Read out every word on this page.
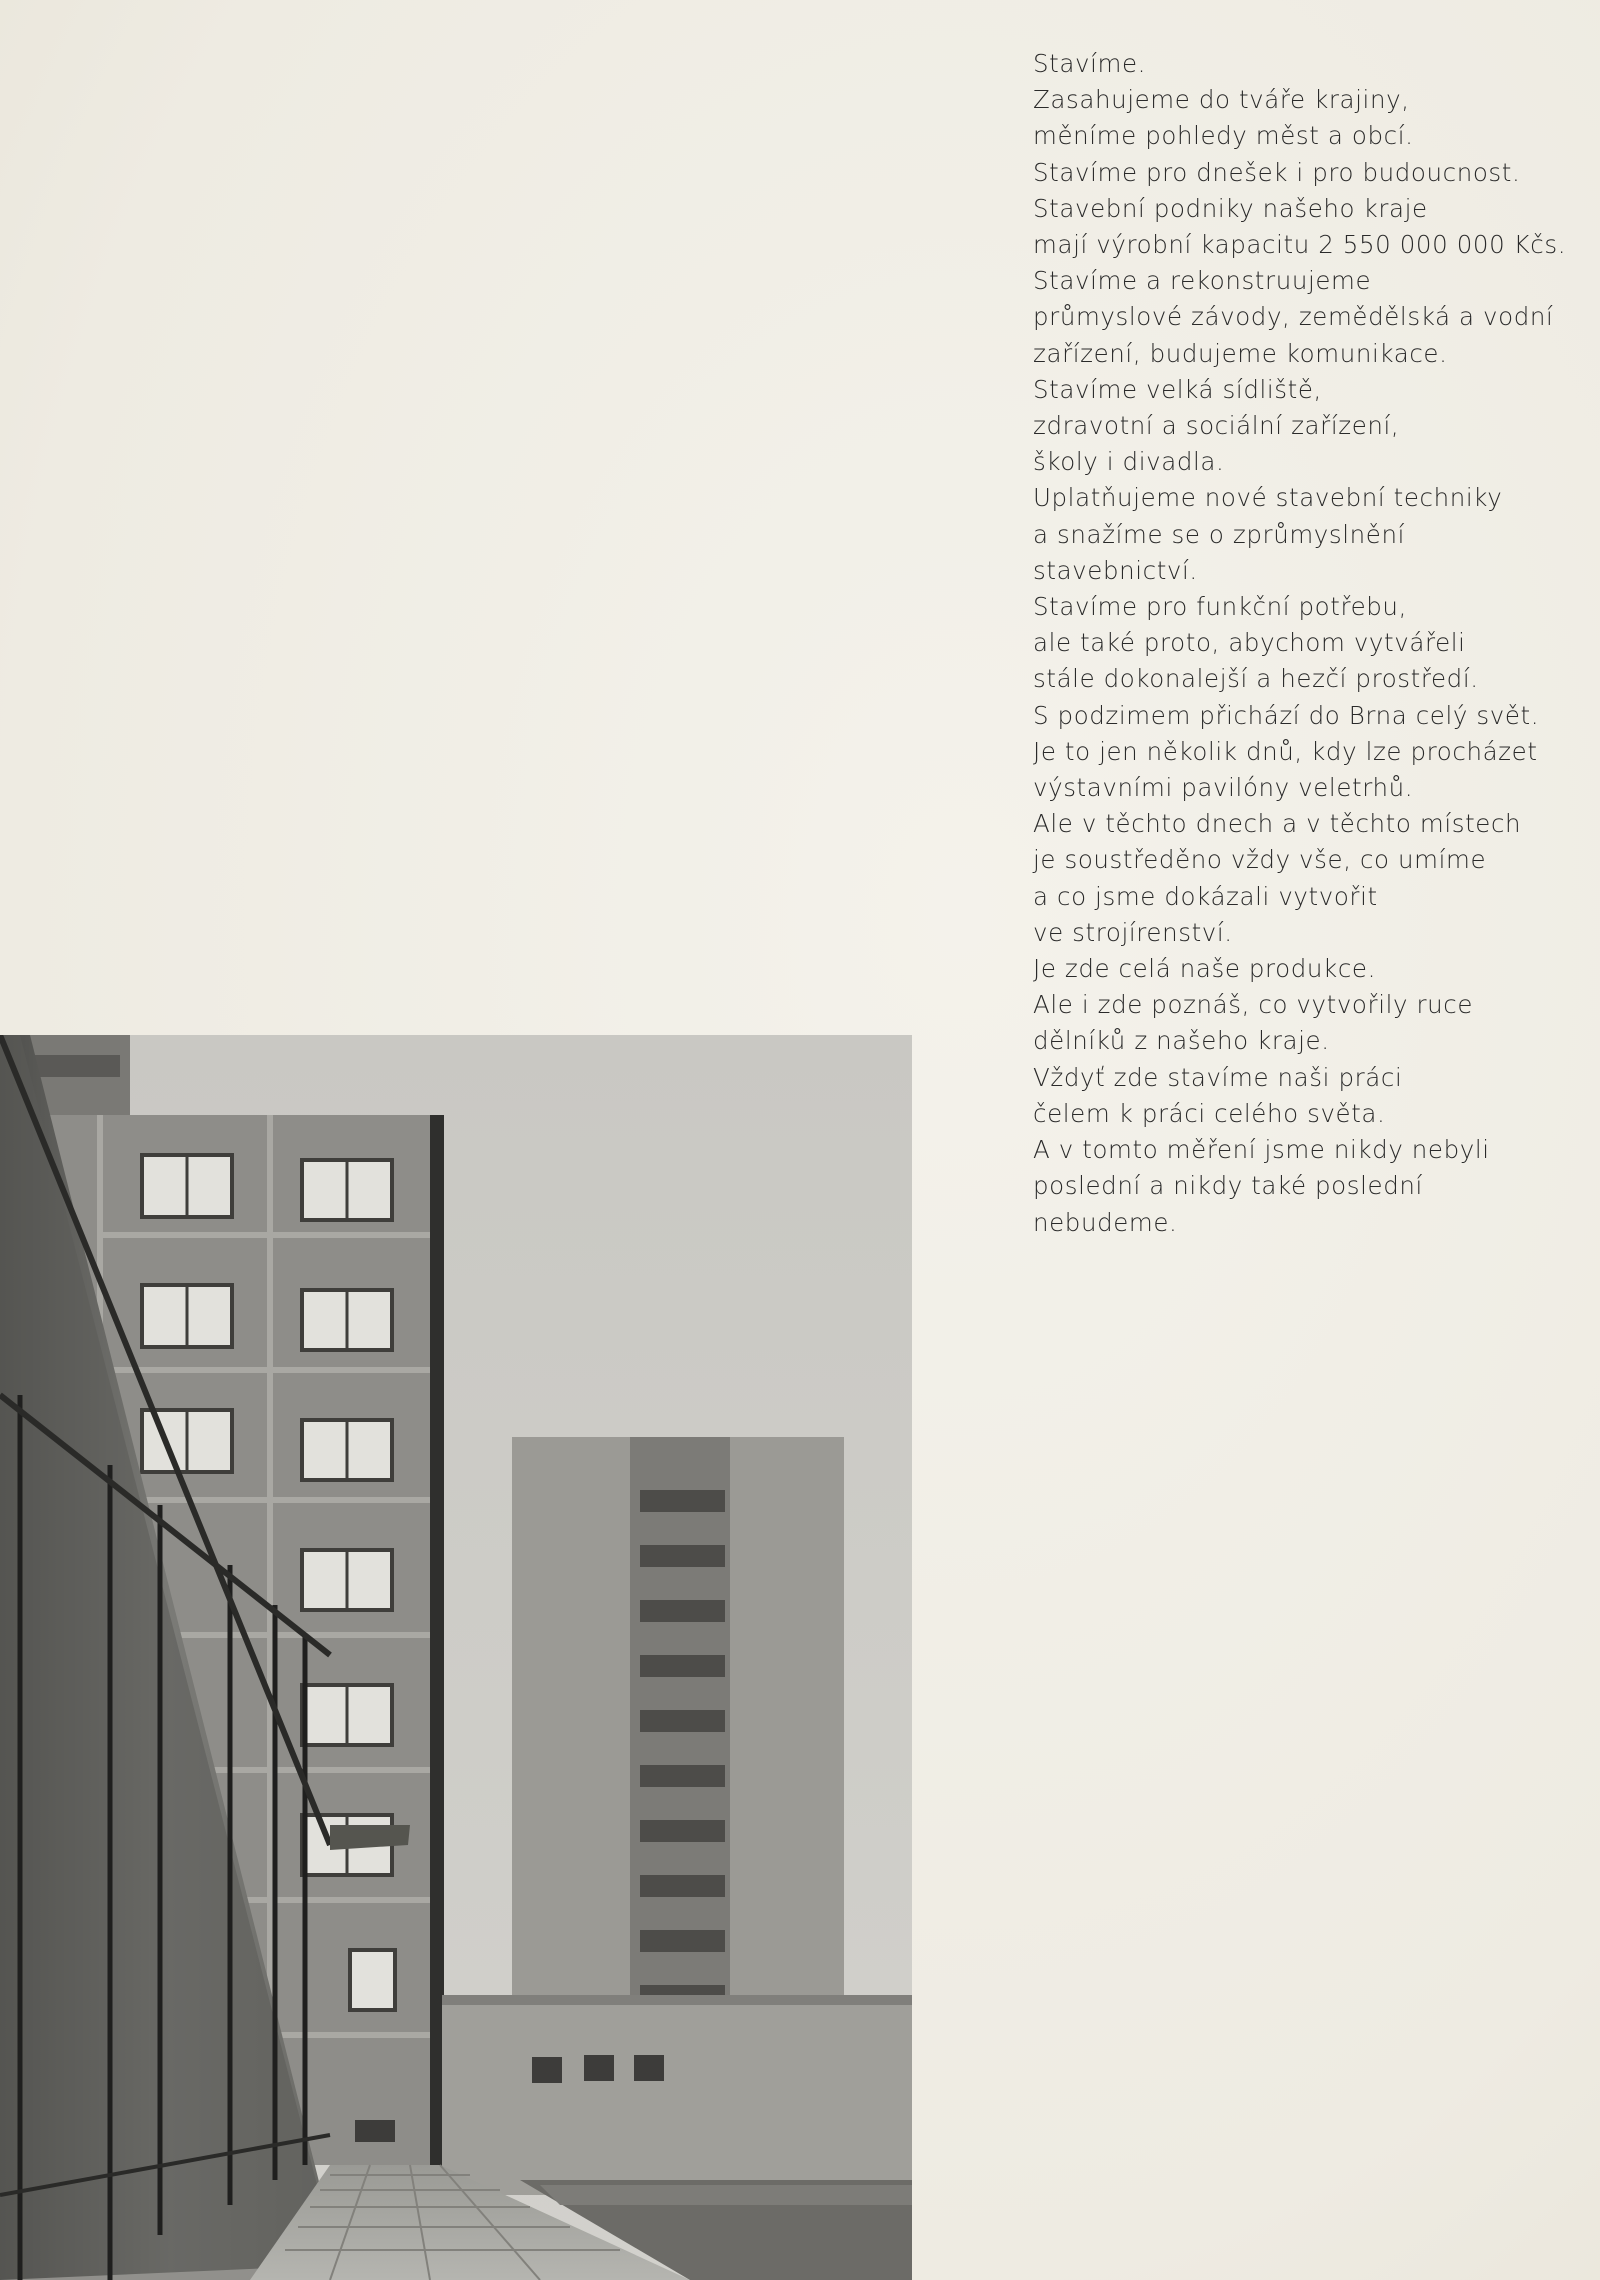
Stavíme.
Zasahujeme do tváře krajiny,
měníme pohledy měst a obcí.
Stavíme pro dnešek i pro budoucnost.
Stavební podniky našeho kraje
mají výrobní kapacitu 2 550 000 000 Kčs.
Stavíme a rekonstruujeme
průmyslové závody, zemědělská a vodní
zařízení, budujeme komunikace.
Stavíme velká sídliště,
zdravotní a sociální zařízení,
školy i divadla.
Uplatňujeme nové stavební techniky
a snažíme se o zprůmyslnění
stavebnictví.
Stavíme pro funkční potřebu,
ale také proto, abychom vytvářeli
stále dokonalejší a hezčí prostředí.
S podzimem přichází do Brna celý svět.
Je to jen několik dnů, kdy lze procházet
výstavními pavilóny veletrhů.
Ale v těchto dnech a v těchto místech
je soustředěno vždy vše, co umíme
a co jsme dokázali vytvořit
ve strojírenství.
Je zde celá naše produkce.
Ale i zde poznáš, co vytvořily ruce
dělníků z našeho kraje.
Vždyť zde stavíme naši práci
čelem k práci celého světa.
A v tomto měření jsme nikdy nebyli
poslední a nikdy také poslední
nebudeme.
